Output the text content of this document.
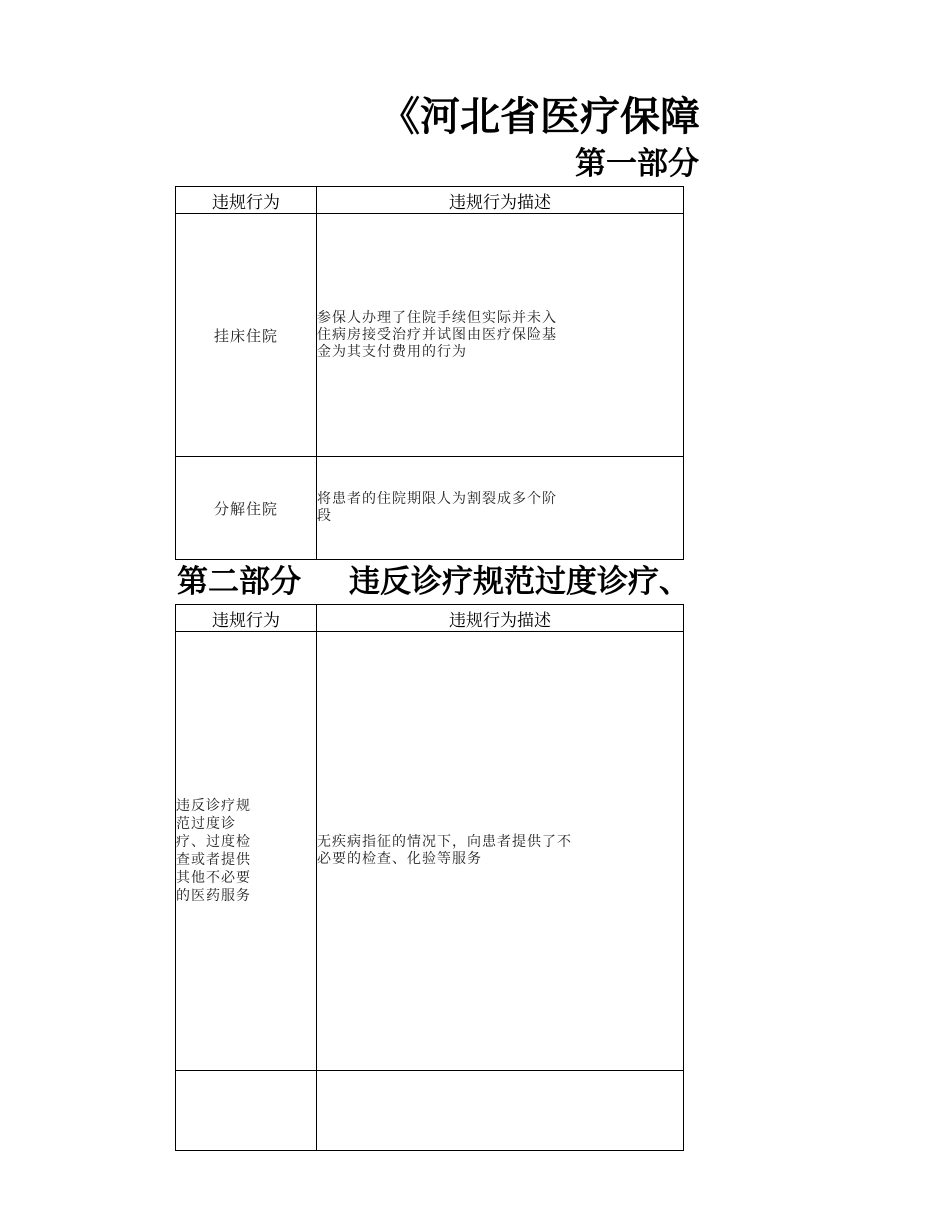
《河北省医疗保障
第一部分
违规行为	违规行为描述
挂床住院	参保人办理了住院手续但实际并未入住病房接受治疗并试图由医疗保险基金为其支付费用的行为

分解住院	将患者的住院期限人为割裂成多个阶段
第二部分 违反诊疗规范过度诊疗、
违规行为	违规行为描述

违反诊疗规范过度诊疗、过度检查或者提供其他不必要的医药服务	无疾病指征的情况下，向患者提供了不必要的检查、化验等服务
